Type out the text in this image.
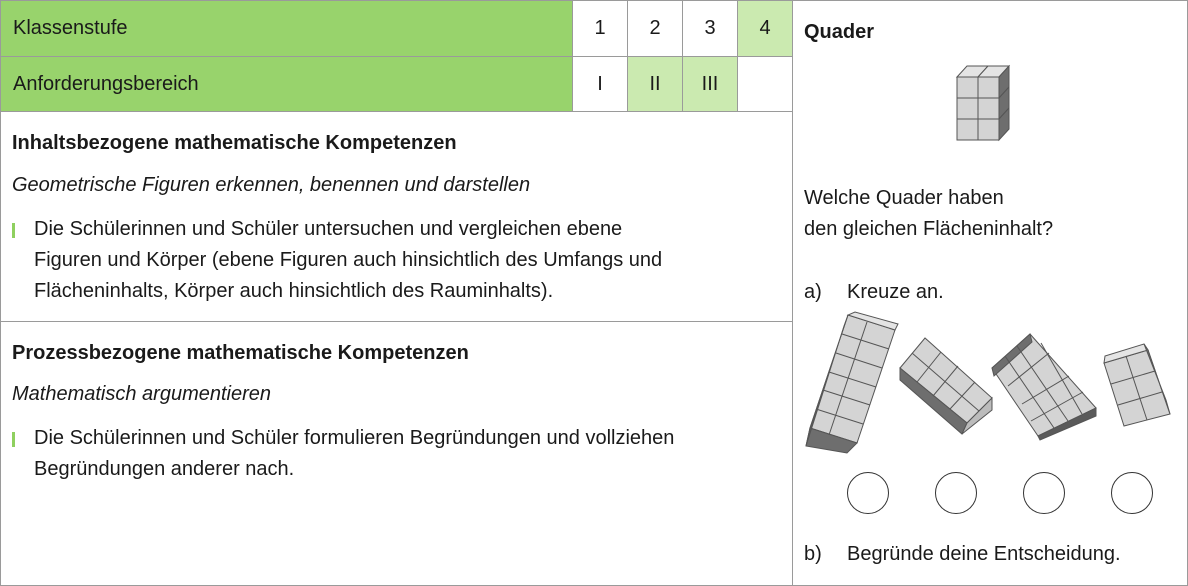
Klassenstufe	1 2 3 4
Anforderungsbereich	I II III
Inhaltsbezogene mathematische Kompetenzen
Geometrische Figuren erkennen, benennen und darstellen
Die Schülerinnen und Schüler untersuchen und vergleichen ebene
Figuren und Körper (ebene Figuren auch hinsichtlich des Umfangs und
Flächeninhalts, Körper auch hinsichtlich des Rauminhalts).
Prozessbezogene mathematische Kompetenzen
Mathematisch argumentieren
Die Schülerinnen und Schüler formulieren Begründungen und vollziehen
Begründungen anderer nach.
Quader
Welche Quader haben
den gleichen Flächeninhalt?
a) Kreuze an.
b) Begründe deine Entscheidung.
